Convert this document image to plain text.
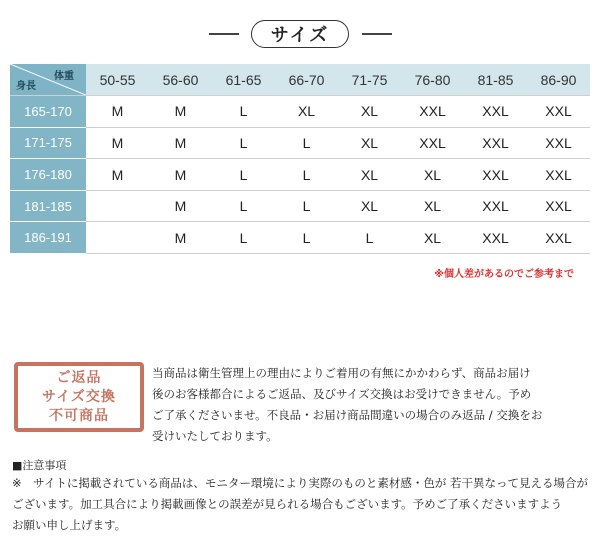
サイズ
体重
身長	50-55	56-60	61-65	66-70	71-75	76-80	81-85	86-90
165-170	M	M	L	XL	XL	XXL	XXL	XXL
171-175	M	M	L	L	XL	XXL	XXL	XXL
176-180	M	M	L	L	XL	XL	XXL	XXL
181-185		M	L	L	XL	XL	XXL	XXL
186-191		M	L	L	L	XL	XXL	XXL
※個人差があるのでご参考まで
ご返品
サイズ交換
不可商品
当商品は衛生管理上の理由によりご着用の有無にかかわらず、商品お届け
後のお客様都合によるご返品、及びサイズ交換はお受けできません。予め
ご了承くださいませ。不良品・お届け商品間違いの場合のみ返品 / 交換をお
受けいたしております。
■注意事項
※　サイトに掲載されている商品は、モニター環境により実際のものと素材感・色が 若干異なって見える場合が
ございます。加工具合により掲載画像との誤差が見られる場合もございます。予めご了承くださいますよう
お願い申し上げます。
